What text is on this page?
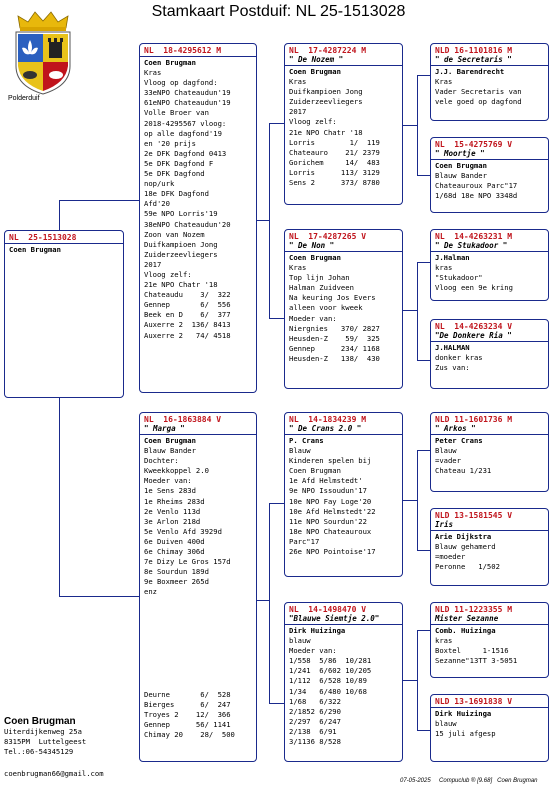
Stamkaart Postduif: NL 25-1513028
Polderduif
NL  25-1513028
Coen Brugman
NL  18-4295612 M
Coen Brugman
Kras
Vloog op dagfond:
33eNPO Chateaudun'19
61eNPO Chateaudun'19
Volle Broer van
2018-4295567 vloog:
op alle dagfond'19
en '20 prijs
2e DFK Dagfond 0413
5e DFK Dagfond F
5e DFK Dagfond
nop/urk
18e DFK Dagfond
Afd'20
59e NPO Lorris'19
38eNPO Chateaudun'20
Zoon van Nozem
Duifkampioen Jong
Zuiderzeevliegers
2017
Vloog zelf:
21e NPO Chatr '18
Chateaudu    3/  322
Gennep       6/  556
Beek en D    6/  377
Auxerre 2  136/ 8413
Auxerre 2   74/ 4518
NL  16-1863884 V
" Marga "
Coen Brugman
Blauw Bander
Dochter:
Kweekkoppel 2.0
Moeder van:
1e Sens 283d
1e Rheims 283d
2e Venlo 113d
3e Arlon 218d
5e Venlo Afd 3929d
6e Duiven 400d
6e Chimay 306d
7e Dizy Le Gros 157d
8e Sourdun 189d
9e Boxmeer 265d
enz
Deurne       6/  528
Bierges      6/  247
Troyes 2    12/  366
Gennep      56/ 1141
Chimay 20    28/  500
NL  17-4287224 M
" De Nozem "
Coen Brugman
Kras
Duifkampioen Jong
Zuiderzeevliegers
2017
Vloog zelf:
21e NPO Chatr '18
Lorris        1/  119
Chateauro    21/ 2379
Gorichem     14/  483
Lorris      113/ 3129
Sens 2      373/ 8780
NL  17-4287265 V
" De Non "
Coen Brugman
Kras
Top lijn Johan
Halman Zuidveen
Na keuring Jos Evers
alleen voor kweek
Moeder van:
Niergnies   370/ 2827
Heusden-Z    59/  325
Gennep      234/ 1168
Heusden-Z   138/  430
NL  14-1834239 M
" De Crans 2.0 "
P. Crans
Blauw
Kinderen spelen bij
Coen Brugman
1e Afd Helmstedt'
9e NPO Issoudun'17
10e NPO Fay Loge'20
10e Afd Helmstedt'22
11e NPO Sourdun'22
18e NPO Chateauroux
Parc"17
26e NPO Pointoise'17
NL  14-1498470 V
"Blauwe Siemtje 2.0"
Dirk Huizinga
blauw
Moeder van:
1/558  5/86  10/281
1/241  6/602 10/205
1/112  6/528 10/89
1/34   6/480 10/68
1/68   6/322
2/1852 6/290
2/297  6/247
2/138  6/91
3/1136 8/528
NLD 16-1101816 M
" de Secretaris "
J.J. Barendrecht
Kras
Vader Secretaris van
vele goed op dagfond
NL  15-4275769 V
" Moortje "
Coen Brugman
Blauw Bander
Chateauroux Parc"17
1/68d 18e NPO 3348d
NL  14-4263231 M
" De Stukadoor "
J.Halman
kras
"Stukadoor"
Vloog een 9e kring
NL  14-4263234 V
"De Donkere Ria "
J.HALMAN
donker kras
Zus van:
NLD 11-1601736 M
" Arkos "
Peter Crans
Blauw
=vader
Chateau 1/231
NLD 13-1581545 V
Iris
Arie Dijkstra
Blauw gehamerd
=moeder
Peronne   1/502
NLD 11-1223355 M
Mister Sezanne
Comb. Huizinga
kras
Boxtel     1-1516
Sezanne"13TT 3-5051
NLD 13-1691838 V
Dirk Huizinga
blauw
15 juli afgesp
Coen Brugman
Uiterdijkenweg 25a
8315PM  Luttelgeest
Tel.:06-54345129
coenbrugman66@gmail.com
07-05-2025     Compuclub ® [9.68]   Coen Brugman
